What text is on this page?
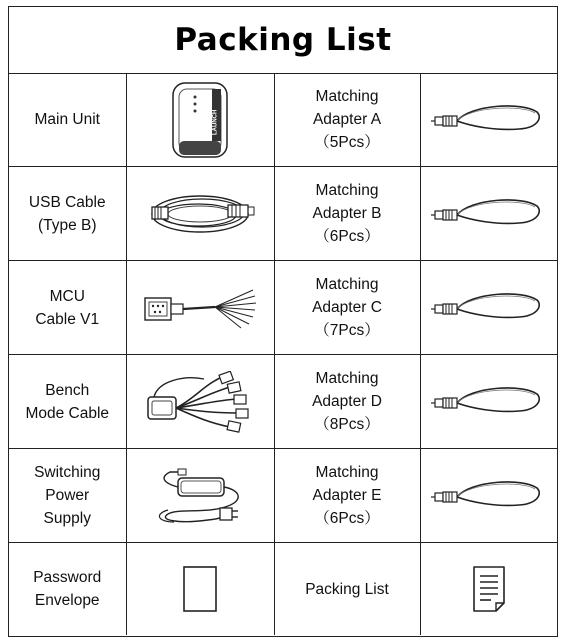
Packing List
Main Unit	LAUNCH	Matching
Adapter A
（5Pcs）

USB Cable
(Type B)		Matching
Adapter B
（6Pcs）

MCU
Cable V1		Matching
Adapter C
（7Pcs）

Bench
Mode Cable		Matching
Adapter D
（8Pcs）

Switching
Power
Supply		Matching
Adapter E
（6Pcs）

Password
Envelope		Packing List
